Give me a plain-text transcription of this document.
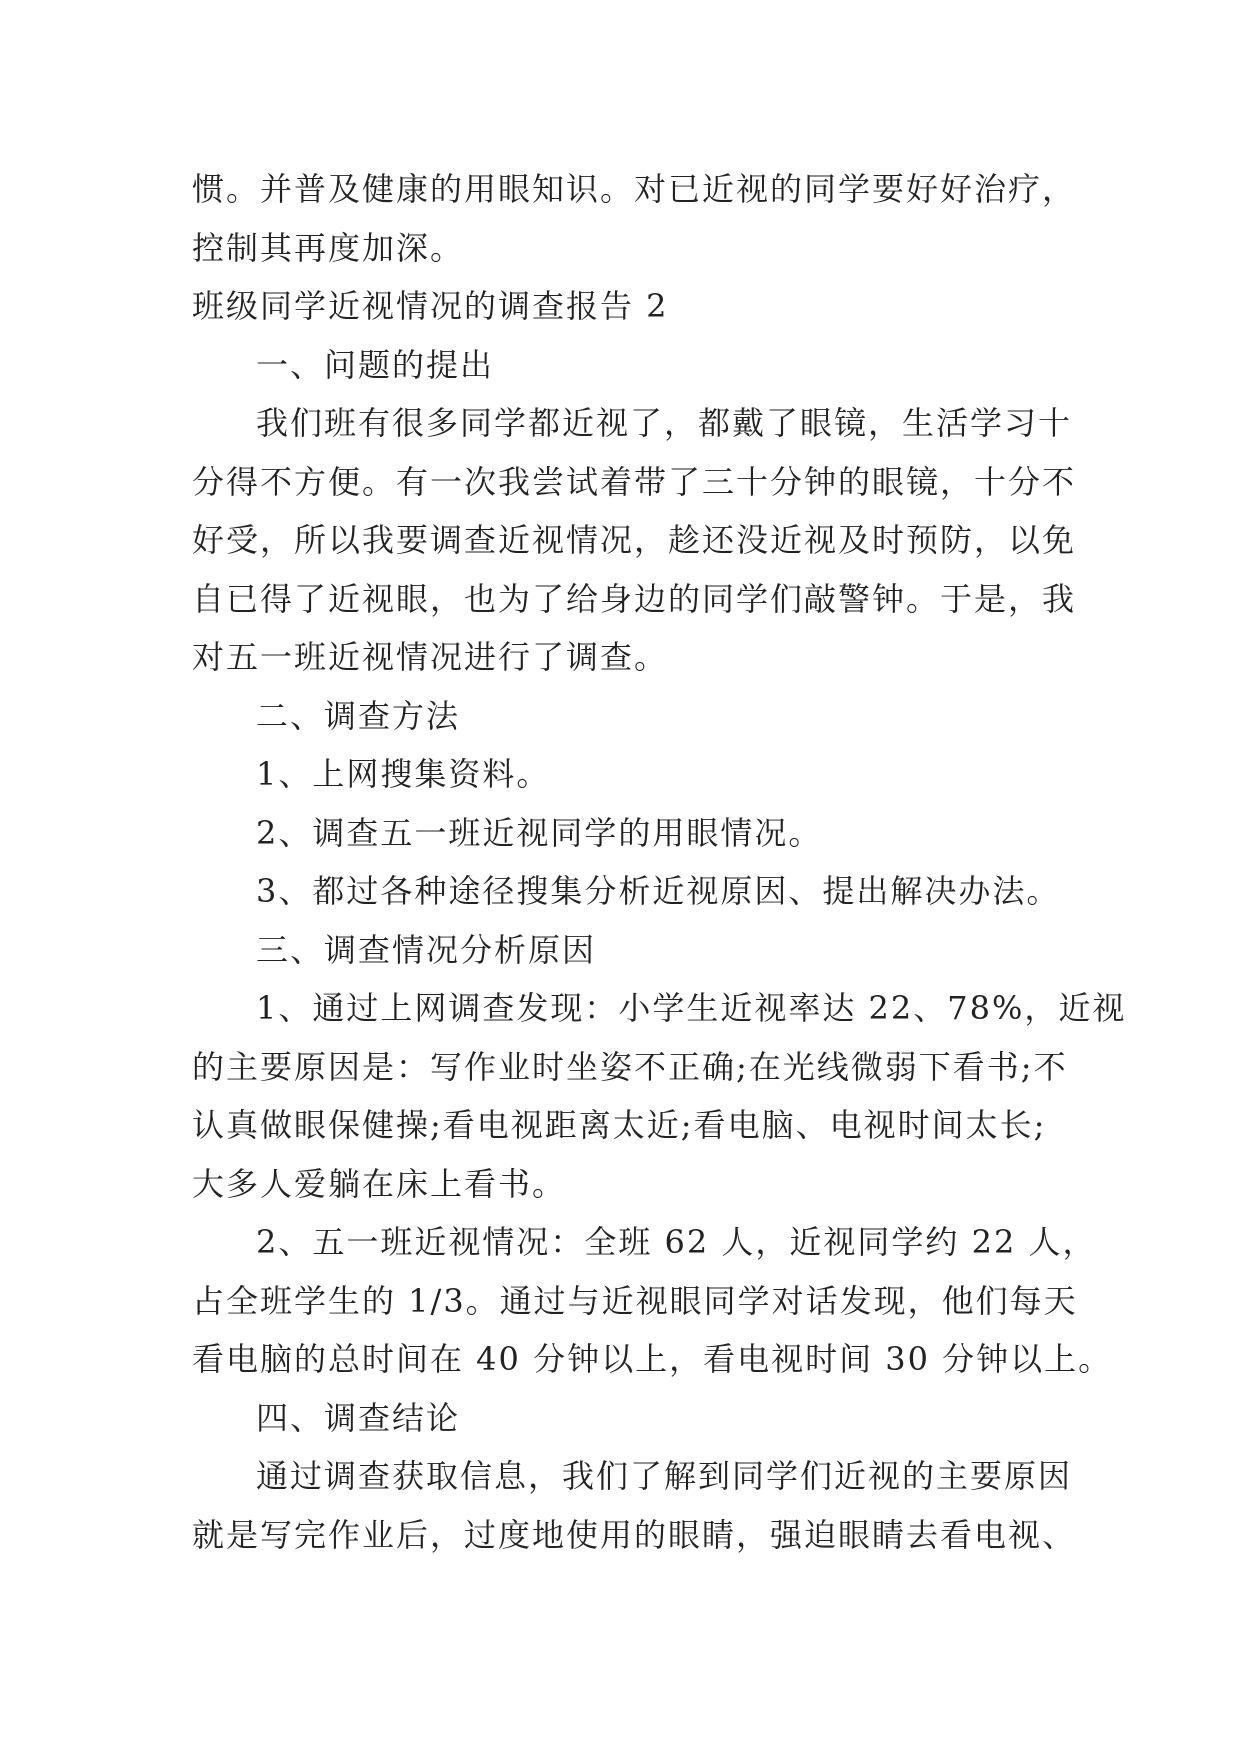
惯。并普及健康的用眼知识。对已近视的同学要好好治疗，
控制其再度加深。
班级同学近视情况的调查报告 2
一、问题的提出
我们班有很多同学都近视了，都戴了眼镜，生活学习十
分得不方便。有一次我尝试着带了三十分钟的眼镜，十分不
好受，所以我要调查近视情况，趁还没近视及时预防，以免
自已得了近视眼，也为了给身边的同学们敲警钟。于是，我
对五一班近视情况进行了调查。
二、调查方法
1、上网搜集资料。
2、调查五一班近视同学的用眼情况。
3、都过各种途径搜集分析近视原因、提出解决办法。
三、调查情况分析原因
1、通过上网调查发现：小学生近视率达 22、78%，近视
的主要原因是：写作业时坐姿不正确;在光线微弱下看书;不
认真做眼保健操;看电视距离太近;看电脑、电视时间太长;
大多人爱躺在床上看书。
2、五一班近视情况：全班 62 人，近视同学约 22 人，
占全班学生的 1/3。通过与近视眼同学对话发现，他们每天
看电脑的总时间在 40 分钟以上，看电视时间 30 分钟以上。
四、调查结论
通过调查获取信息，我们了解到同学们近视的主要原因
就是写完作业后，过度地使用的眼睛，强迫眼睛去看电视、
